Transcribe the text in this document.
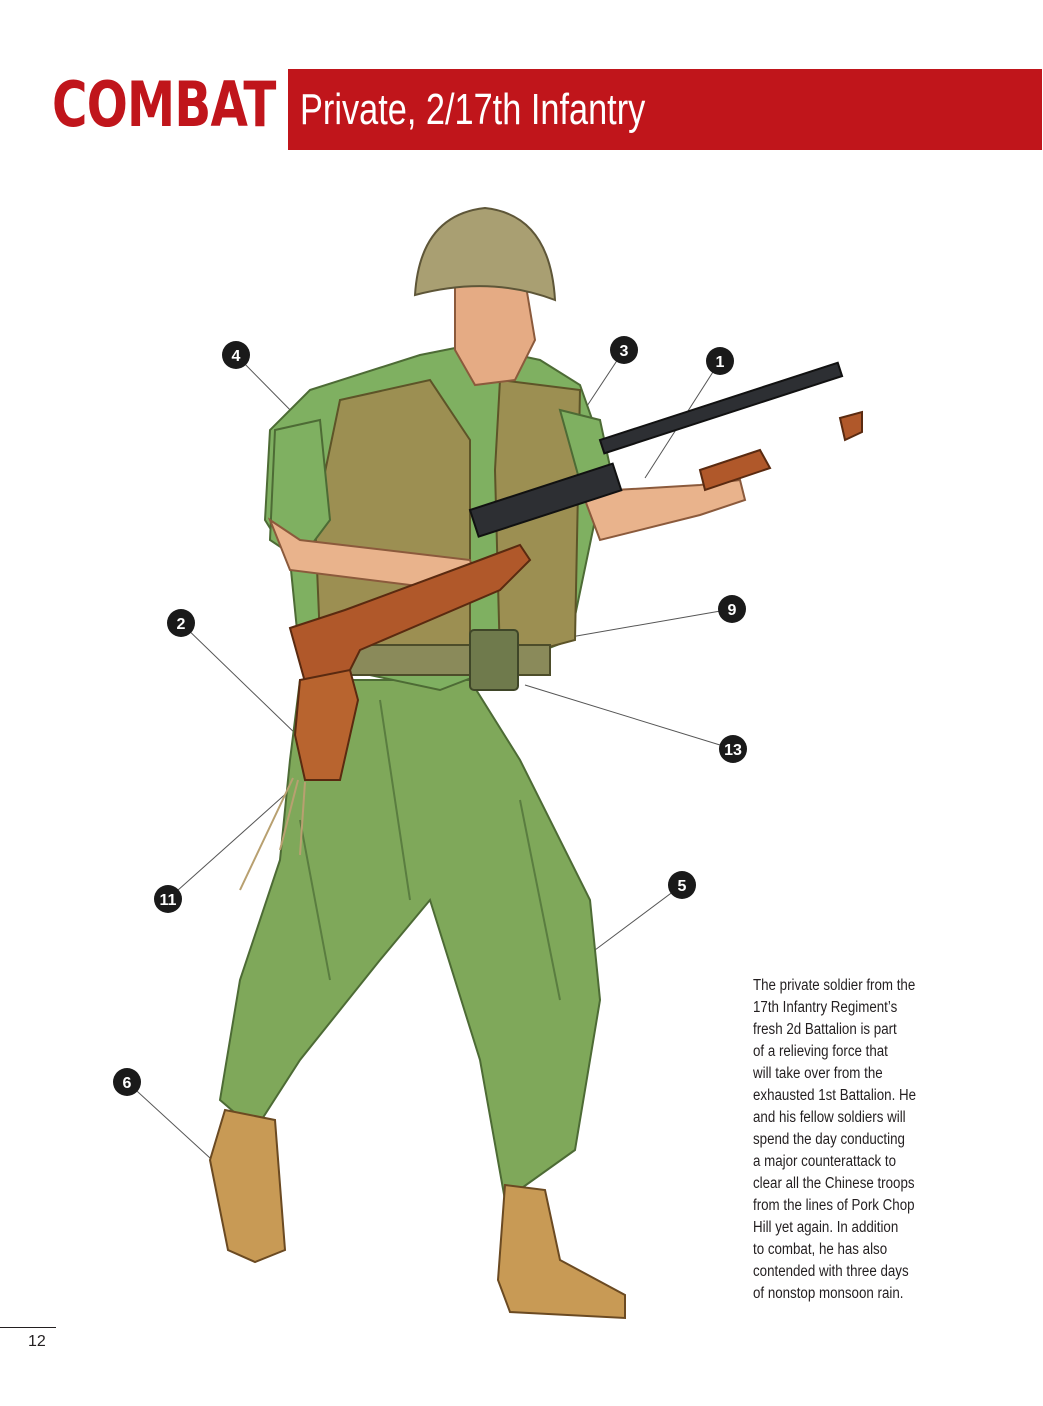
COMBAT Private, 2/17th Infantry
1
2
3
4
5
6
9
11
13
The private soldier from the
17th Infantry Regiment’s
fresh 2d Battalion is part
of a relieving force that
will take over from the
exhausted 1st Battalion. He
and his fellow soldiers will
spend the day conducting
a major counterattack to
clear all the Chinese troops
from the lines of Pork Chop
Hill yet again. In addition
to combat, he has also
contended with three days
of nonstop monsoon rain.
12
